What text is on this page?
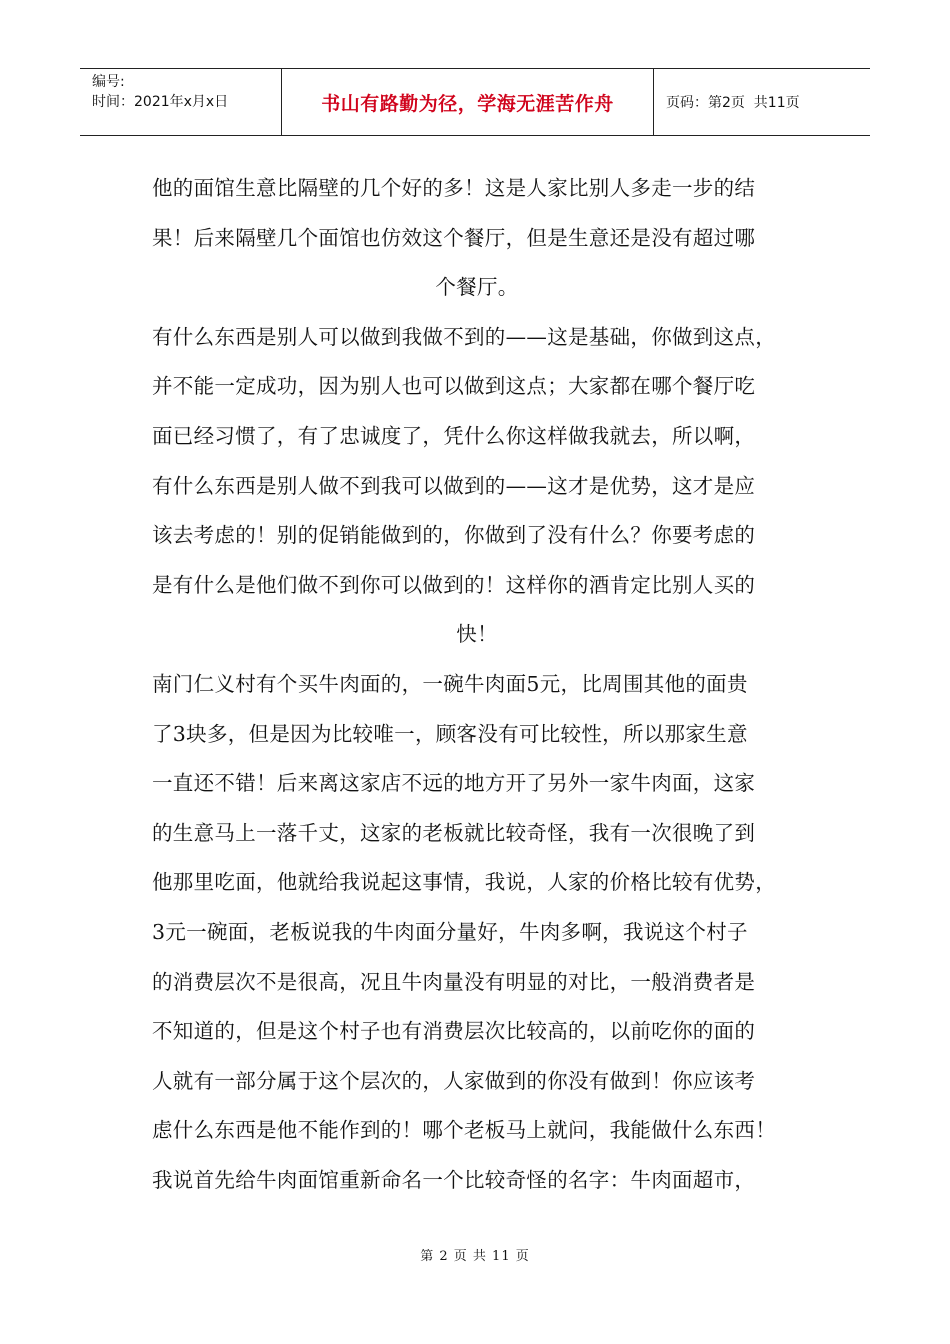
编号:
时间：2021年x月x日	书山有路勤为径，学海无涯苦作舟	页码：第2页  共11页
他的面馆生意比隔壁的几个好的多！这是人家比别人多走一步的结
果！后来隔壁几个面馆也仿效这个餐厅，但是生意还是没有超过哪
个餐厅。
有什么东西是别人可以做到我做不到的——这是基础，你做到这点，
并不能一定成功，因为别人也可以做到这点；大家都在哪个餐厅吃
面已经习惯了，有了忠诚度了，凭什么你这样做我就去，所以啊，
有什么东西是别人做不到我可以做到的——这才是优势，这才是应
该去考虑的！别的促销能做到的，你做到了没有什么？你要考虑的
是有什么是他们做不到你可以做到的！这样你的酒肯定比别人买的
快！
南门仁义村有个买牛肉面的，一碗牛肉面5元，比周围其他的面贵
了3块多，但是因为比较唯一，顾客没有可比较性，所以那家生意
一直还不错！后来离这家店不远的地方开了另外一家牛肉面，这家
的生意马上一落千丈，这家的老板就比较奇怪，我有一次很晚了到
他那里吃面，他就给我说起这事情，我说，人家的价格比较有优势，
3元一碗面，老板说我的牛肉面分量好，牛肉多啊，我说这个村子
的消费层次不是很高，况且牛肉量没有明显的对比，一般消费者是
不知道的，但是这个村子也有消费层次比较高的，以前吃你的面的
人就有一部分属于这个层次的，人家做到的你没有做到！你应该考
虑什么东西是他不能作到的！哪个老板马上就问，我能做什么东西！
我说首先给牛肉面馆重新命名一个比较奇怪的名字：牛肉面超市，
第 2 页 共 11 页
